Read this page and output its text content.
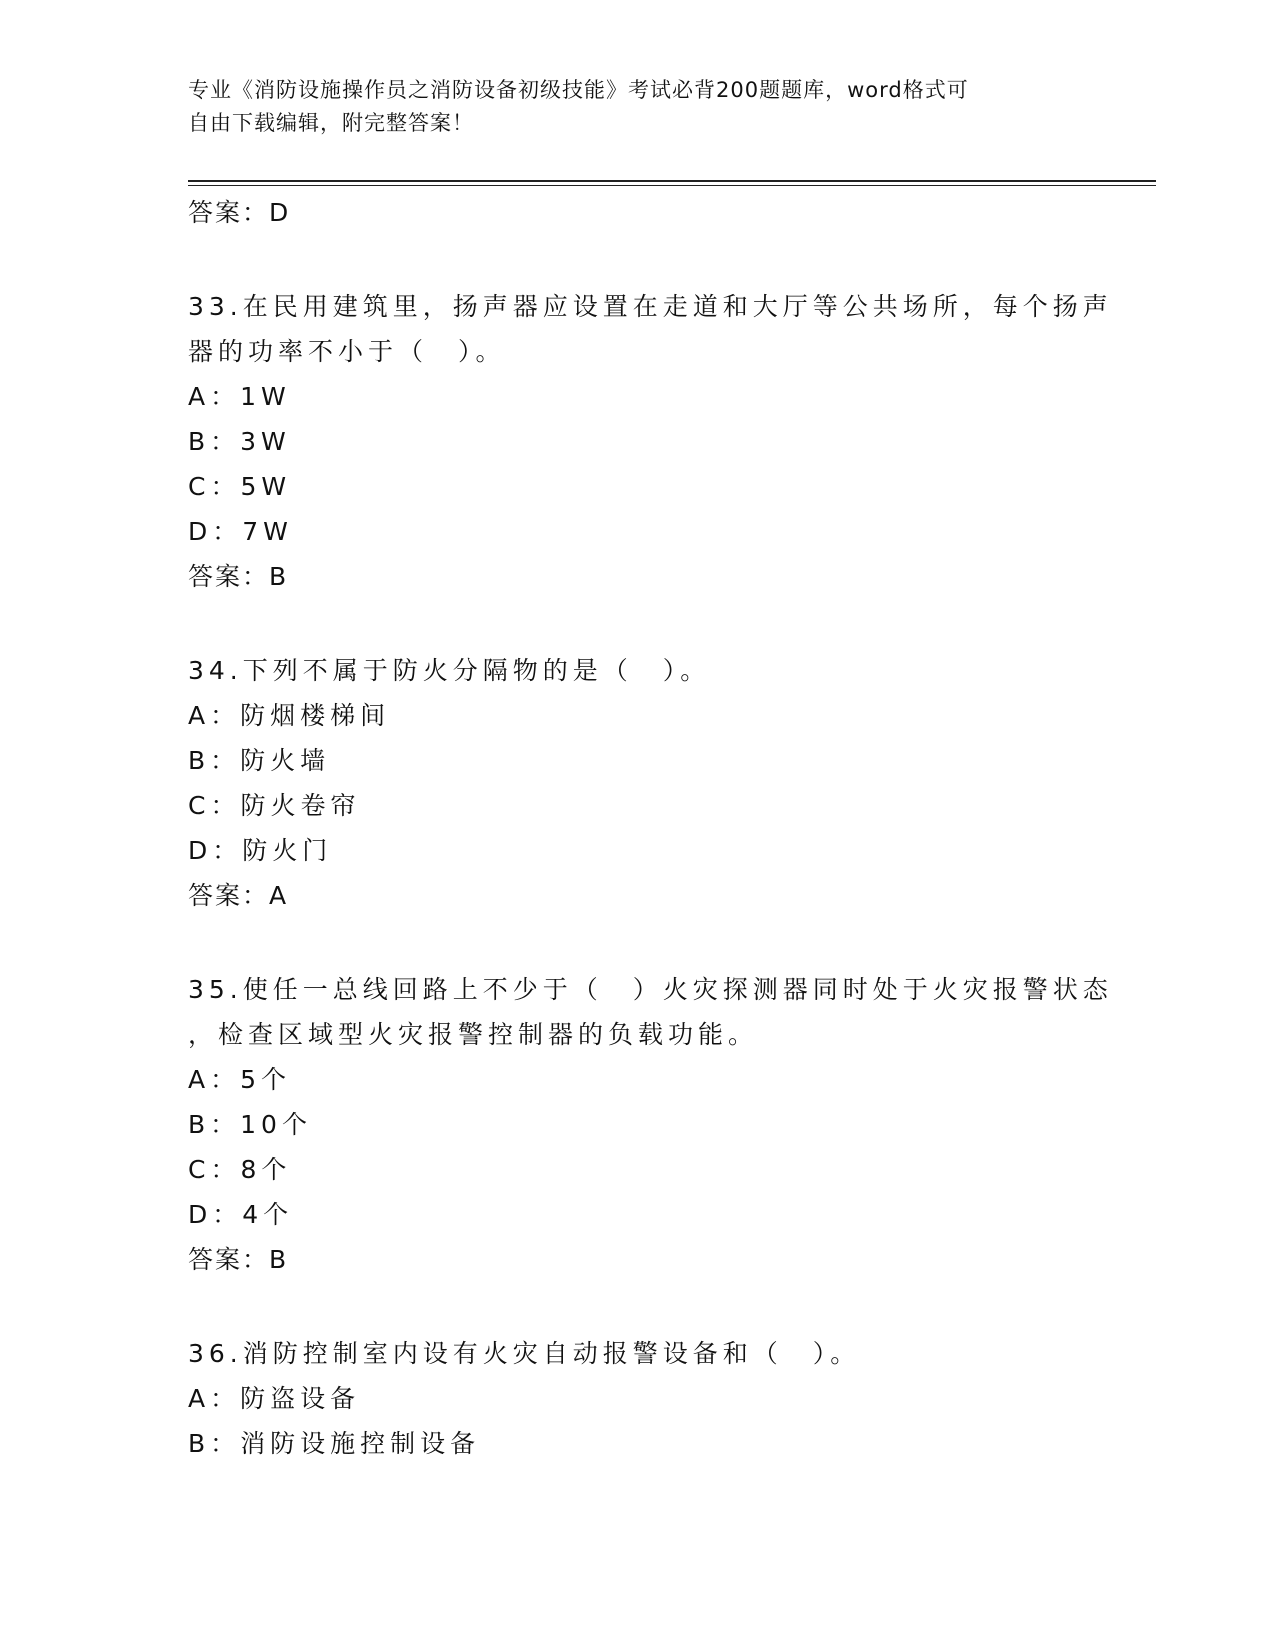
专业《消防设施操作员之消防设备初级技能》考试必背200题题库，word格式可
自由下载编辑，附完整答案！
答案：D
33.在民用建筑里，扬声器应设置在走道和大厅等公共场所，每个扬声
器的功率不小于（　）。
A：1W
B：3W
C：5W
D：7W
答案：B
34.下列不属于防火分隔物的是（　）。
A：防烟楼梯间
B：防火墙
C：防火卷帘
D：防火门
答案：A
35.使任一总线回路上不少于（　）火灾探测器同时处于火灾报警状态
，检查区域型火灾报警控制器的负载功能。
A：5个
B：10个
C：8个
D：4个
答案：B
36.消防控制室内设有火灾自动报警设备和（　）。
A：防盗设备
B：消防设施控制设备
